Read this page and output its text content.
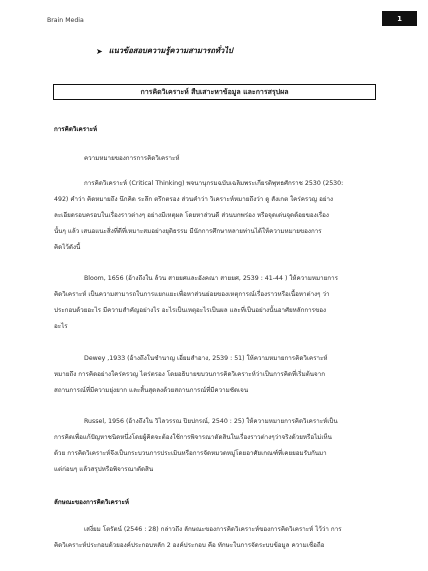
Brain Media	1
➤ แนวข้อสอบความรู้ความสามารถทั่วไป
การคิดวิเคราะห์ สืบเสาะหาข้อมูล และการสรุปผล
การคิดวิเคราะห์
ความหมายของการการคิดวิเคราะห์
การคิดวิเคราะห์ (Critical Thinking) พจนานุกรมฉบับเฉลิมพระเกียรติพุทธศักราช 2530 (2530:
492) คำว่า คิดหมายถึง นึกคิด ระลึก ตรึกตรอง ส่วนคำว่า วิเคราะห์หมายถึงว่า ดู สังเกต ใคร่ครวญ อย่าง
ละเอียดรอบครอบในเรื่องราวต่างๆ อย่างมีเหตุผล โดยหาส่วนดี ส่วนบกพร่อง หรือจุดเด่นจุดด้อยของเรื่อง
นั้นๆ แล้ว เสนอแนะสิ่งที่ดีที่เหมาะสมอย่างยุติธรรม มีนักการศึกษาหลายท่านได้ให้ความหมายของการ
คิดไว้ดังนี้
Bloom, 1656 (อ้างถึงใน ล้วน สายยศและอังคณา สายยศ, 2539 : 41-44 ) ให้ความหมายการ
คิดวิเคราะห์ เป็นความสามารถในการแยกแยะเพื่อหาส่วนย่อยของเหตุการณ์เรื่องราวหรือเนื้อหาต่างๆ ว่า
ประกอบด้วยอะไร มีความสำคัญอย่างไร อะไรเป็นเหตุอะไรเป็นผล และที่เป็นอย่างนั้นอาศัยหลักการของ
อะไร
Dewey ,1933 (อ้างถึงในชำนาญ เอี่ยมสำอาง, 2539 : 51) ให้ความหมายการคิดวิเคราะห์
หมายถึง การคิดอย่างใคร่ครวญ ไตร่ตรอง โดยอธิบายขบวนการคิดวิเคราะห์ว่าเป็นการคิดที่เริ่มต้นจาก
สถานการณ์ที่มีความยุ่งยาก และสิ้นสุดลงด้วยสถานการณ์ที่มีความชัดเจน
Russel, 1956 (อ้างถึงใน วิไลวรรณ ปิยปกรณ์, 2540 : 25) ให้ความหมายการคิดวิเคราะห์เป็น
การคิดเพื่อแก้ปัญหาชนิดหนึ่งโดยผู้คิดจะต้องใช้การพิจารณาตัดสินในเรื่องราวต่างๆว่าจริงด้วยหรือไม่เห็น
ด้วย การคิดวิเคราะห์จึงเป็นกระบวนการประเมินหรือการจัดหมวดหมู่โดยอาศัยเกณฑ์ที่เคยยอมรับกันมา
แต่ก่อนๆ แล้วสรุปหรือพิจารณาตัดสิน
ลักษณะของการคิดวิเคราะห์
เสงี่ยม โตรัตน์ (2546 : 28) กล่าวถึง ลักษณะของการคิดวิเคราะห์ของการคิดวิเคราะห์ ไว้ว่า การ
คิดวิเคราะห์ประกอบด้วยองค์ประกอบหลัก 2 องค์ประกอบ คือ ทักษะในการจัดระบบข้อมูล ความเชื่อถือ
